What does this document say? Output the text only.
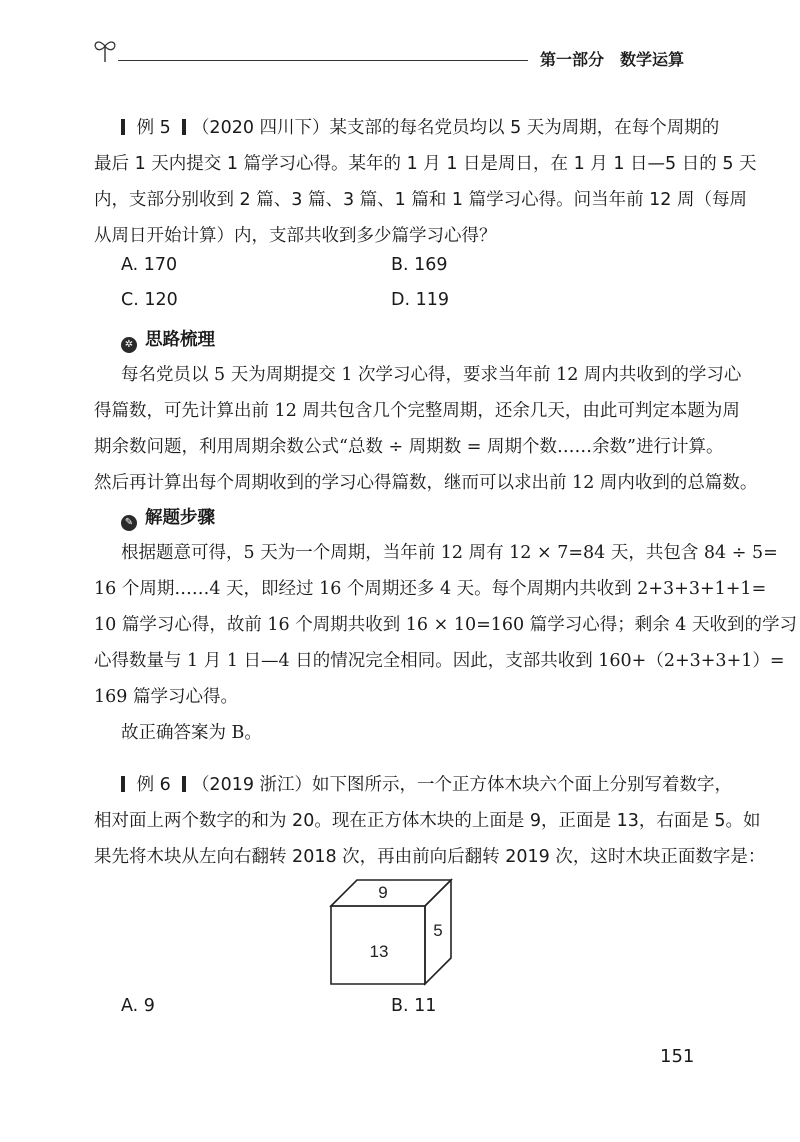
第一部分　数学运算
例 5 （2020 四川下）某支部的每名党员均以 5 天为周期，在每个周期的
最后 1 天内提交 1 篇学习心得。某年的 1 月 1 日是周日，在 1 月 1 日—5 日的 5 天
内，支部分别收到 2 篇、3 篇、3 篇、1 篇和 1 篇学习心得。问当年前 12 周（每周
从周日开始计算）内，支部共收到多少篇学习心得？
A. 170	B. 169
C. 120	D. 119
✲ 思路梳理
每名党员以 5 天为周期提交 1 次学习心得，要求当年前 12 周内共收到的学习心
得篇数，可先计算出前 12 周共包含几个完整周期，还余几天，由此可判定本题为周
期余数问题，利用周期余数公式“总数 ÷ 周期数 = 周期个数……余数”进行计算。
然后再计算出每个周期收到的学习心得篇数，继而可以求出前 12 周内收到的总篇数。
✎ 解题步骤
根据题意可得，5 天为一个周期，当年前 12 周有 12 × 7=84 天，共包含 84 ÷ 5=
16 个周期……4 天，即经过 16 个周期还多 4 天。每个周期内共收到 2+3+3+1+1=
10 篇学习心得，故前 16 个周期共收到 16 × 10=160 篇学习心得；剩余 4 天收到的学习
心得数量与 1 月 1 日—4 日的情况完全相同。因此，支部共收到 160+（2+3+3+1）=
169 篇学习心得。
故正确答案为 B。
例 6 （2019 浙江）如下图所示，一个正方体木块六个面上分别写着数字，
相对面上两个数字的和为 20。现在正方体木块的上面是 9，正面是 13，右面是 5。如
果先将木块从左向右翻转 2018 次，再由前向后翻转 2019 次，这时木块正面数字是：
9
13
5
A. 9	B. 11
151
